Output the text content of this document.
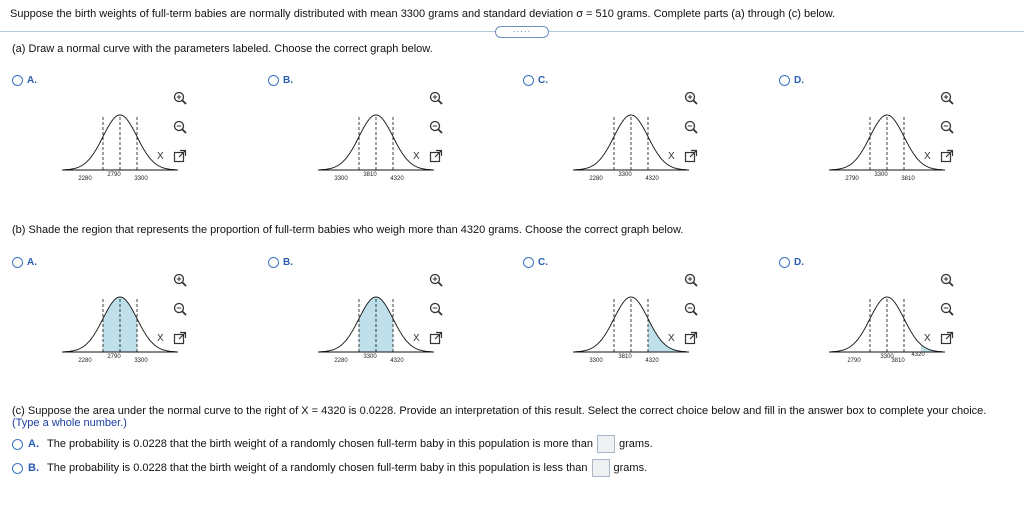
Suppose the birth weights of full-term babies are normally distributed with mean 3300 grams and standard deviation σ = 510 grams. Complete parts (a) through (c) below.
·····
(a) Draw a normal curve with the parameters labeled. Choose the correct graph below.
(b) Shade the region that represents the proportion of full-term babies who weigh more than 4320 grams. Choose the correct graph below.
A.
2280
2790
3300
X
B.
3300
3810
4320
X
C.
2280
3300
4320
X
D.
2790
3300
3810
X
A.
2280
2790
3300
X
B.
2280
3300
4320
X
C.
3300
3810
4320
X
D.
2790
3300
3810
4320
X
(c) Suppose the area under the normal curve to the right of X = 4320 is 0.0228. Provide an interpretation of this result. Select the correct choice below and fill in the answer box to complete your choice.
(Type a whole number.)
A. The probability is 0.0228 that the birth weight of a randomly chosen full-term baby in this population is more than grams.
B. The probability is 0.0228 that the birth weight of a randomly chosen full-term baby in this population is less than grams.
